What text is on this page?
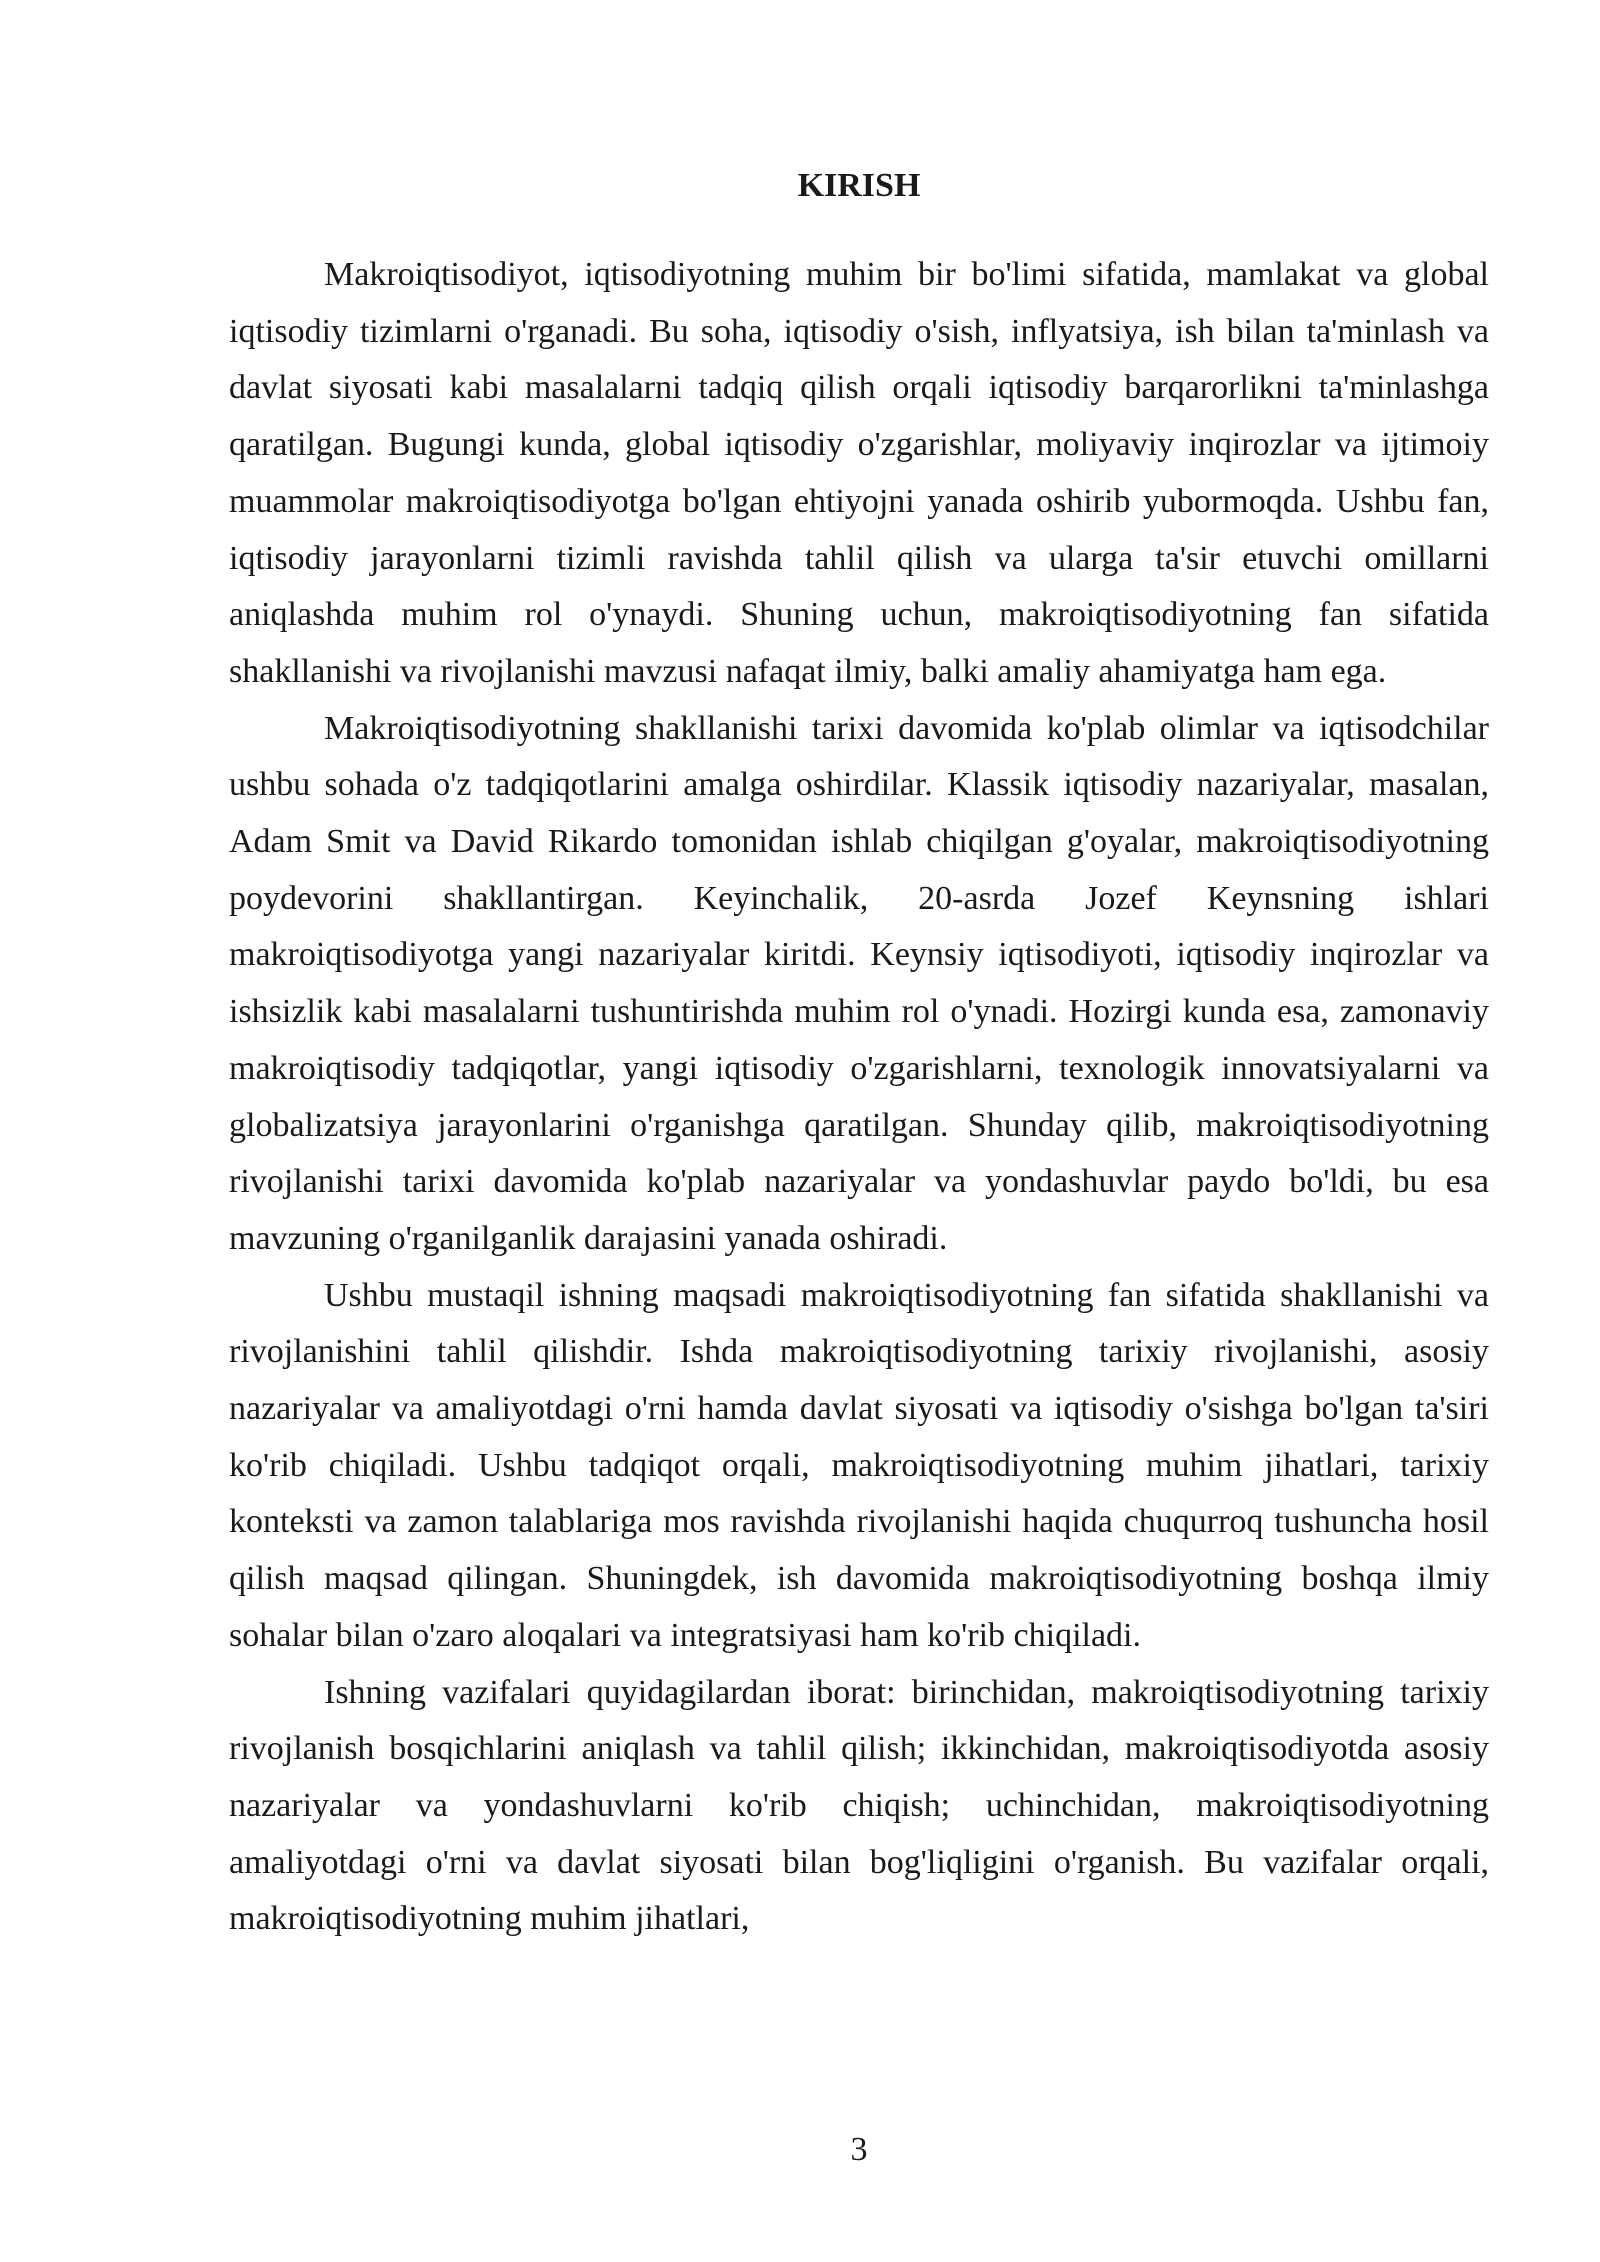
KIRISH

Makroiqtisodiyot, iqtisodiyotning muhim bir bo'limi sifatida, mamlakat va global iqtisodiy tizimlarni o'rganadi. Bu soha, iqtisodiy o'sish, inflyatsiya, ish bilan ta'minlash va davlat siyosati kabi masalalarni tadqiq qilish orqali iqtisodiy barqarorlikni ta'minlashga qaratilgan. Bugungi kunda, global iqtisodiy o'zgarishlar, moliyaviy inqirozlar va ijtimoiy muammolar makroiqtisodiyotga bo'lgan ehtiyojni yanada oshirib yubormoqda. Ushbu fan, iqtisodiy jarayonlarni tizimli ravishda tahlil qilish va ularga ta'sir etuvchi omillarni aniqlashda muhim rol o'ynaydi. Shuning uchun, makroiqtisodiyotning fan sifatida shakllanishi va rivojlanishi mavzusi nafaqat ilmiy, balki amaliy ahamiyatga ham ega.

Makroiqtisodiyotning shakllanishi tarixi davomida ko'plab olimlar va iqtisodchilar ushbu sohada o'z tadqiqotlarini amalga oshirdilar. Klassik iqtisodiy nazariyalar, masalan, Adam Smit va David Rikardo tomonidan ishlab chiqilgan g'oyalar, makroiqtisodiyotning poydevorini shakllantirgan. Keyinchalik, 20-asrda Jozef Keynsning ishlari makroiqtisodiyotga yangi nazariyalar kiritdi. Keynsiy iqtisodiyoti, iqtisodiy inqirozlar va ishsizlik kabi masalalarni tushuntirishda muhim rol o'ynadi. Hozirgi kunda esa, zamonaviy makroiqtisodiy tadqiqotlar, yangi iqtisodiy o'zgarishlarni, texnologik innovatsiyalarni va globalizatsiya jarayonlarini o'rganishga qaratilgan. Shunday qilib, makroiqtisodiyotning rivojlanishi tarixi davomida ko'plab nazariyalar va yondashuvlar paydo bo'ldi, bu esa mavzuning o'rganilganlik darajasini yanada oshiradi.

Ushbu mustaqil ishning maqsadi makroiqtisodiyotning fan sifatida shakllanishi va rivojlanishini tahlil qilishdir. Ishda makroiqtisodiyotning tarixiy rivojlanishi, asosiy nazariyalar va amaliyotdagi o'rni hamda davlat siyosati va iqtisodiy o'sishga bo'lgan ta'siri ko'rib chiqiladi. Ushbu tadqiqot orqali, makroiqtisodiyotning muhim jihatlari, tarixiy konteksti va zamon talablariga mos ravishda rivojlanishi haqida chuqurroq tushuncha hosil qilish maqsad qilingan. Shuningdek, ish davomida makroiqtisodiyotning boshqa ilmiy sohalar bilan o'zaro aloqalari va integratsiyasi ham ko'rib chiqiladi.

Ishning vazifalari quyidagilardan iborat: birinchidan, makroiqtisodiyotning tarixiy rivojlanish bosqichlarini aniqlash va tahlil qilish; ikkinchidan, makroiqtisodiyotda asosiy nazariyalar va yondashuvlarni ko'rib chiqish; uchinchidan, makroiqtisodiyotning amaliyotdagi o'rni va davlat siyosati bilan bog'liqligini o'rganish. Bu vazifalar orqali, makroiqtisodiyotning muhim jihatlari,

3
